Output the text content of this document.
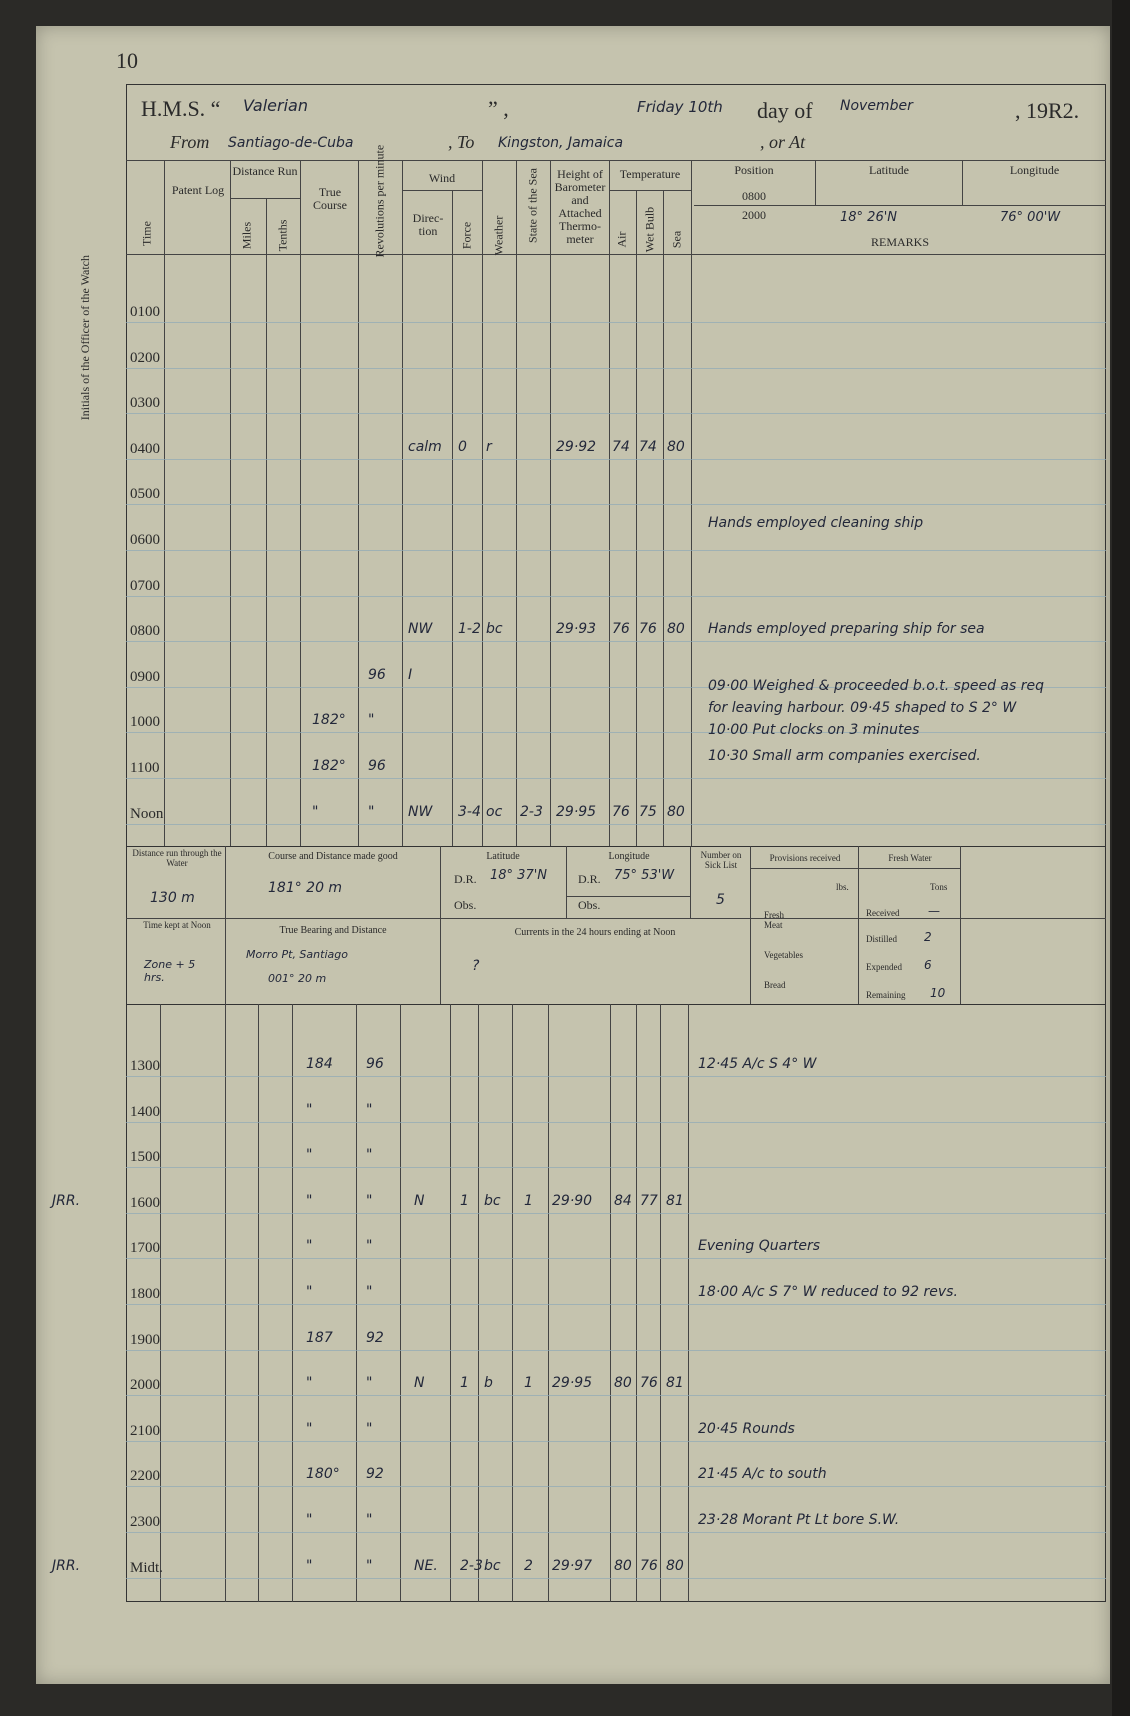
10
Initials of the Officer of the Watch
H.M.S. “ Valerian	” ,	Friday 10th day of November	, 19R2.
From Santiago-de-Cuba	, To Kingston, Jamaica	, or At
Time
Patent Log
Distance Run
Miles Tenths
True Course	Revolutions per minute	Wind
Direc-tion	Force Weather State of the Sea	Height of Barometer and Attached Thermo-meter
Temperature
Air Wet Bulb Sea
Position
0800
2000
Latitude	Longitude
18° 26'N	76° 00'W
REMARKS
0100
0200
0300
0400	calm 0 r	29·92 74 74 80
0500
0600
Hands employed cleaning ship
0700
0800	NW 1-2 bc	29·93 76 76 80 Hands employed preparing ship for sea
0900	96 I
09·00 Weighed & proceeded b.o.t. speed as req
1000	182° "
for leaving harbour. 09·45 shaped to S 2° W
1100	182° 96
10·00 Put clocks on 3 minutes
Noon	"	" NW 3-4 oc 2-3 29·95 76 75 80
10·30 Small arm companies exercised.
Distance run through the Water
130 m
Course and Distance made good
181° 20 m
Latitude
D.R. 18° 37'N
Obs.
Longitude
D.R. 75° 53'W
Obs.
Number on Sick List
5
Provisions received
lbs.
Fresh Meat
Vegetables
Bread
Fresh Water
Tons
Received —
Distilled 2
Expended 6
Remaining 10
Time kept at Noon
Zone + 5 hrs.
True Bearing and Distance
Morro Pt, Santiago
001° 20 m
Currents in the 24 hours ending at Noon
?
1300	184 96	12·45 A/c S 4° W
1400	"	"
1500	"	"
1600	"	"	N	1 bc 1 29·90 84 77 81
JRR.
1700	"	"	Evening Quarters
1800	"	"	18·00 A/c S 7° W reduced to 92 revs.
1900	187 92
2000	"	"	N	1 b 1 29·95 80 76 81
2100	"	"	20·45 Rounds
2200	180° 92	21·45 A/c to south
2300	"	"	23·28 Morant Pt Lt bore S.W.
Midt.	"	"	NE. 2-3 bc 2 29·97 80 76 80
JRR.
